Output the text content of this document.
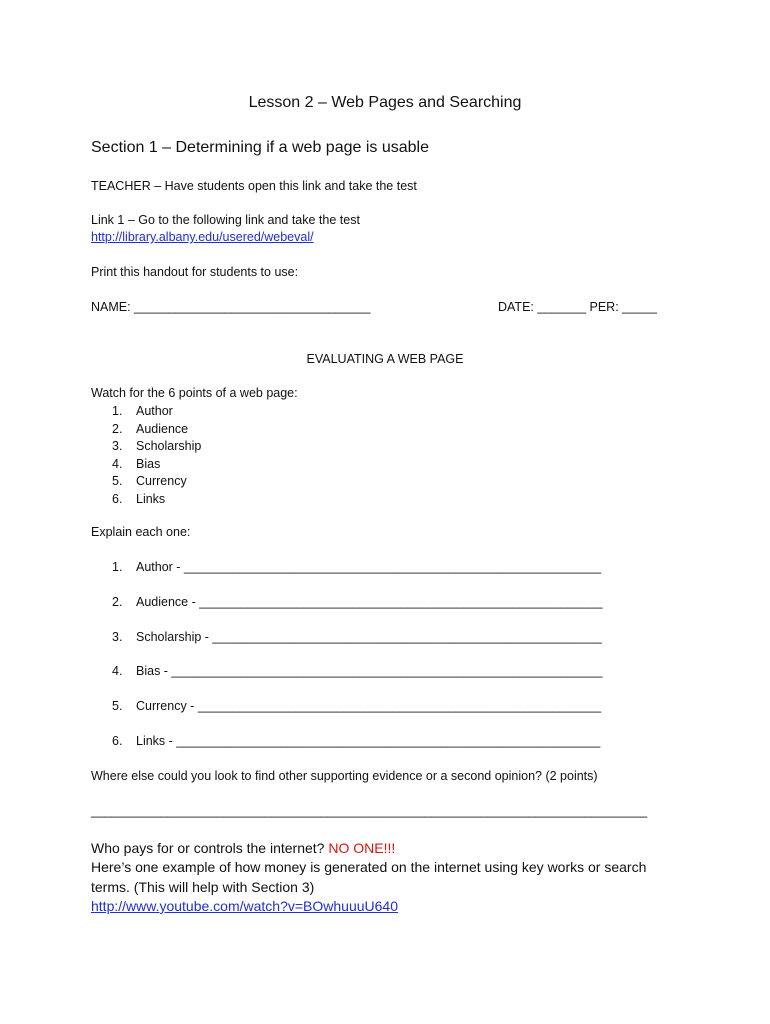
Lesson 2 – Web Pages and Searching
Section 1 – Determining if a web page is usable
TEACHER – Have students open this link and take the test
Link 1 – Go to the following link and take the test
http://library.albany.edu/usered/webeval/
Print this handout for students to use:
NAME: __________________________________	DATE: _______ PER: _____
EVALUATING A WEB PAGE
Watch for the 6 points of a web page:
1.	Author
2.	Audience
3.	Scholarship
4.	Bias
5.	Currency
6.	Links
Explain each one:
1. Author - ____________________________________________________________
2. Audience - __________________________________________________________
3. Scholarship - ________________________________________________________
4. Bias - ______________________________________________________________
5. Currency - __________________________________________________________
6. Links - _____________________________________________________________
Where else could you look to find other supporting evidence or a second opinion? (2 points)
________________________________________________________________________________
Who pays for or controls the internet? NO ONE!!!
Here’s one example of how money is generated on the internet using key works or search
terms. (This will help with Section 3)
http://www.youtube.com/watch?v=BOwhuuuU640
